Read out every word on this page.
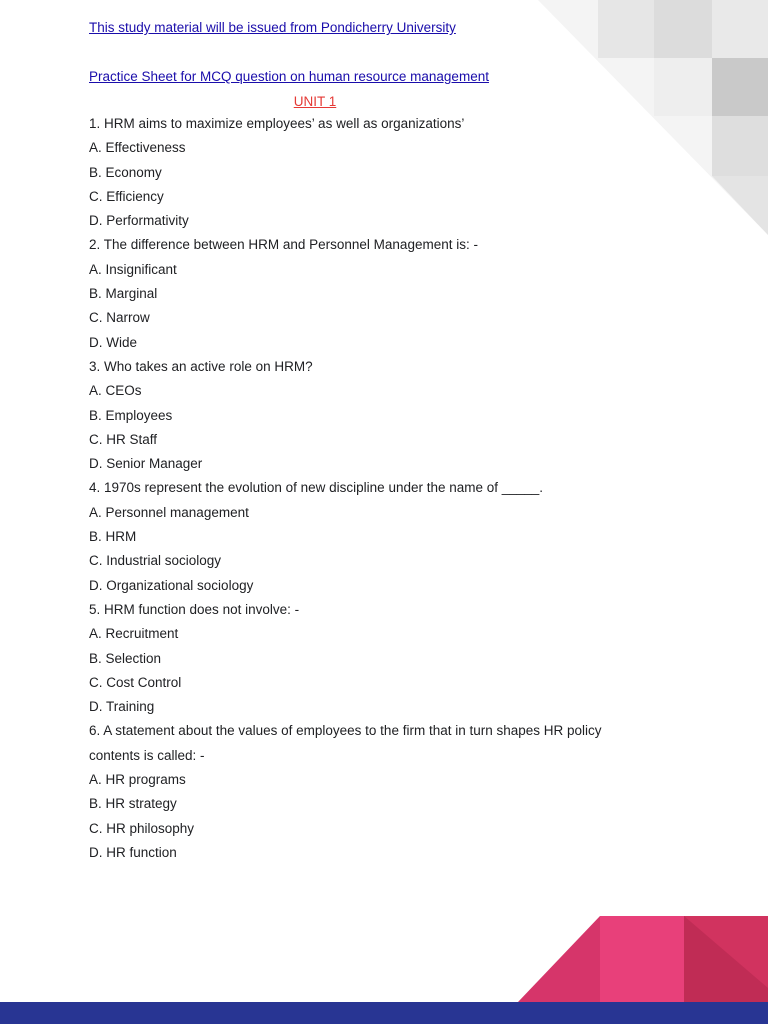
This study material will be issued from Pondicherry University
Practice Sheet for MCQ question on human resource management
UNIT 1
1. HRM aims to maximize employees’ as well as organizations’
A. Effectiveness
B. Economy
C. Efficiency
D. Performativity
2. The difference between HRM and Personnel Management is: -
A. Insignificant
B. Marginal
C. Narrow
D. Wide
3. Who takes an active role on HRM?
A. CEOs
B. Employees
C. HR Staff
D. Senior Manager
4. 1970s represent the evolution of new discipline under the name of _____.
A. Personnel management
B. HRM
C. Industrial sociology
D. Organizational sociology
5. HRM function does not involve: -
A. Recruitment
B. Selection
C. Cost Control
D. Training
6. A statement about the values of employees to the firm that in turn shapes HR policy contents is called: -
A. HR programs
B. HR strategy
C. HR philosophy
D. HR function
